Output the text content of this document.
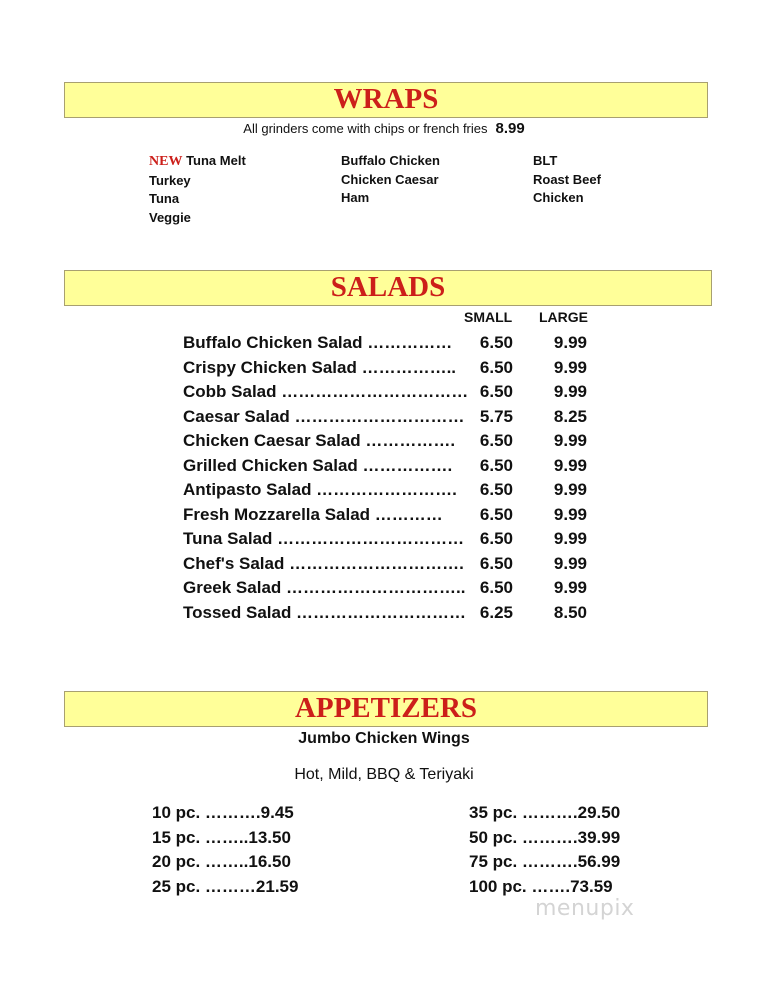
WRAPS
All grinders come with chips or french fries 8.99
NEW Tuna Melt
Turkey
Tuna
Veggie
Buffalo Chicken
Chicken Caesar
Ham
BLT
Roast Beef
Chicken
SALADS
SMALL LARGE
Buffalo Chicken Salad ……………	6.50	9.99
Crispy Chicken Salad ……………..	6.50	9.99
Cobb Salad …………………………… 6.50	9.99
Caesar Salad ………………………… 5.75	8.25
Chicken Caesar Salad …………….	6.50	9.99
Grilled Chicken Salad …………….	6.50	9.99
Antipasto Salad …………………….	6.50	9.99
Fresh Mozzarella Salad …………	6.50	9.99
Tuna Salad …………………………… 6.50	9.99
Chef's Salad …………………………. 6.50	9.99
Greek Salad ………………………….. 6.50	9.99
Tossed Salad ………………………… 6.25	8.50
APPETIZERS
Jumbo Chicken Wings
Hot, Mild, BBQ & Teriyaki
10 pc. ……….9.45
15 pc. ……..13.50
20 pc. ……..16.50
25 pc. ………21.59
35 pc. ……….29.50
50 pc. ……….39.99
75 pc. ……….56.99
100 pc. …….73.59
menupix
